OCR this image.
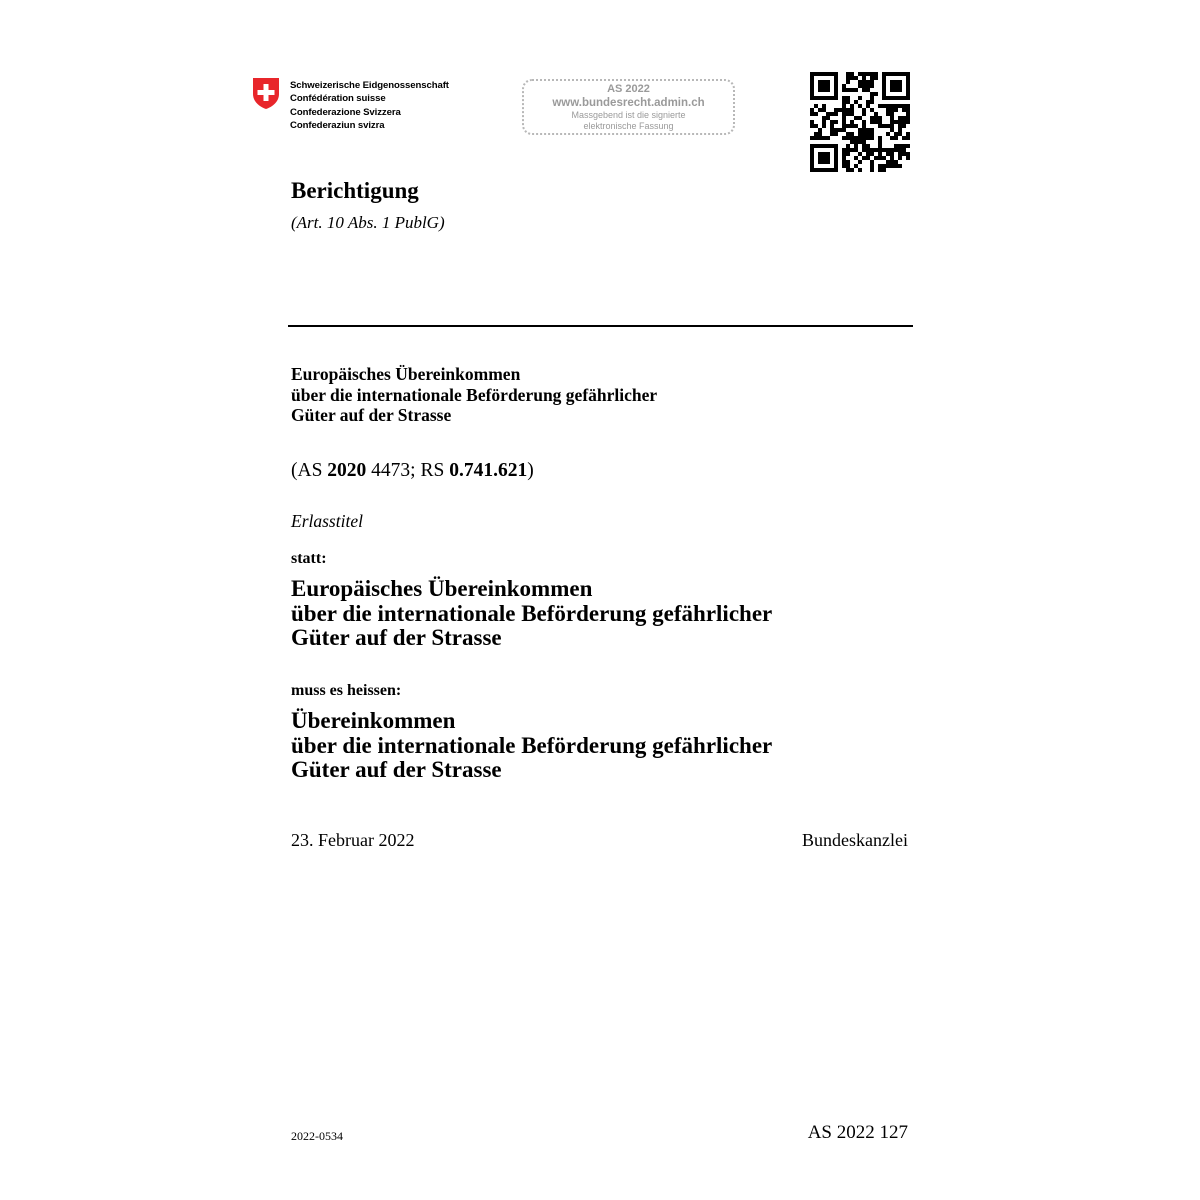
Schweizerische Eidgenossenschaft
Confédération suisse
Confederazione Svizzera
Confederaziun svizra
AS 2022
www.bundesrecht.admin.ch
Massgebend ist die signierte
elektronische Fassung
Berichtigung
(Art. 10 Abs. 1 PublG)
Europäisches Übereinkommen
über die internationale Beförderung gefährlicher
Güter auf der Strasse
(AS 2020 4473; RS 0.741.621)
Erlasstitel
statt:
Europäisches Übereinkommen
über die internationale Beförderung gefährlicher
Güter auf der Strasse
muss es heissen:
Übereinkommen
über die internationale Beförderung gefährlicher
Güter auf der Strasse
23. Februar 2022	Bundeskanzlei
2022-0534	AS 2022 127
